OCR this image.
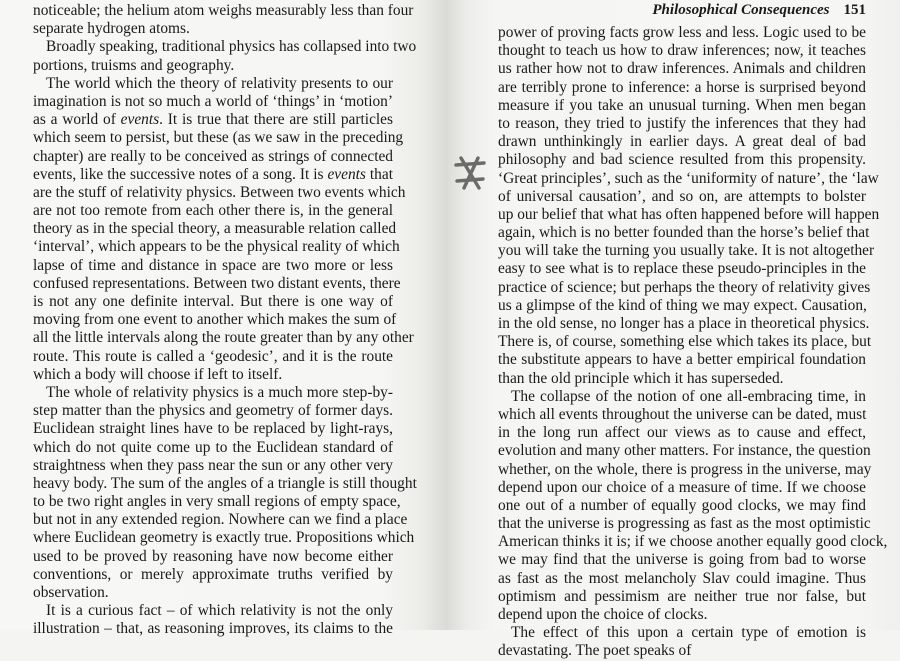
noticeable; the helium atom weighs measurably less than four
separate hydrogen atoms.
Broadly speaking, traditional physics has collapsed into two
portions, truisms and geography.
The world which the theory of relativity presents to our
imagination is not so much a world of ‘things’ in ‘motion’
as a world of events. It is true that there are still particles
which seem to persist, but these (as we saw in the preceding
chapter) are really to be conceived as strings of connected
events, like the successive notes of a song. It is events that
are the stuff of relativity physics. Between two events which
are not too remote from each other there is, in the general
theory as in the special theory, a measurable relation called
‘interval’, which appears to be the physical reality of which
lapse of time and distance in space are two more or less
confused representations. Between two distant events, there
is not any one definite interval. But there is one way of
moving from one event to another which makes the sum of
all the little intervals along the route greater than by any other
route. This route is called a ‘geodesic’, and it is the route
which a body will choose if left to itself.
The whole of relativity physics is a much more step-by-
step matter than the physics and geometry of former days.
Euclidean straight lines have to be replaced by light-rays,
which do not quite come up to the Euclidean standard of
straightness when they pass near the sun or any other very
heavy body. The sum of the angles of a triangle is still thought
to be two right angles in very small regions of empty space,
but not in any extended region. Nowhere can we find a place
where Euclidean geometry is exactly true. Propositions which
used to be proved by reasoning have now become either
conventions, or merely approximate truths verified by
observation.
It is a curious fact – of which relativity is not the only
illustration – that, as reasoning improves, its claims to the
Philosophical Consequences 151
power of proving facts grow less and less. Logic used to be
thought to teach us how to draw inferences; now, it teaches
us rather how not to draw inferences. Animals and children
are terribly prone to inference: a horse is surprised beyond
measure if you take an unusual turning. When men began
to reason, they tried to justify the inferences that they had
drawn unthinkingly in earlier days. A great deal of bad
philosophy and bad science resulted from this propensity.
‘Great principles’, such as the ‘uniformity of nature’, the ‘law
of universal causation’, and so on, are attempts to bolster
up our belief that what has often happened before will happen
again, which is no better founded than the horse’s belief that
you will take the turning you usually take. It is not altogether
easy to see what is to replace these pseudo-principles in the
practice of science; but perhaps the theory of relativity gives
us a glimpse of the kind of thing we may expect. Causation,
in the old sense, no longer has a place in theoretical physics.
There is, of course, something else which takes its place, but
the substitute appears to have a better empirical foundation
than the old principle which it has superseded.
The collapse of the notion of one all-embracing time, in
which all events throughout the universe can be dated, must
in the long run affect our views as to cause and effect,
evolution and many other matters. For instance, the question
whether, on the whole, there is progress in the universe, may
depend upon our choice of a measure of time. If we choose
one out of a number of equally good clocks, we may find
that the universe is progressing as fast as the most optimistic
American thinks it is; if we choose another equally good clock,
we may find that the universe is going from bad to worse
as fast as the most melancholy Slav could imagine. Thus
optimism and pessimism are neither true nor false, but
depend upon the choice of clocks.
The effect of this upon a certain type of emotion is
devastating. The poet speaks of
